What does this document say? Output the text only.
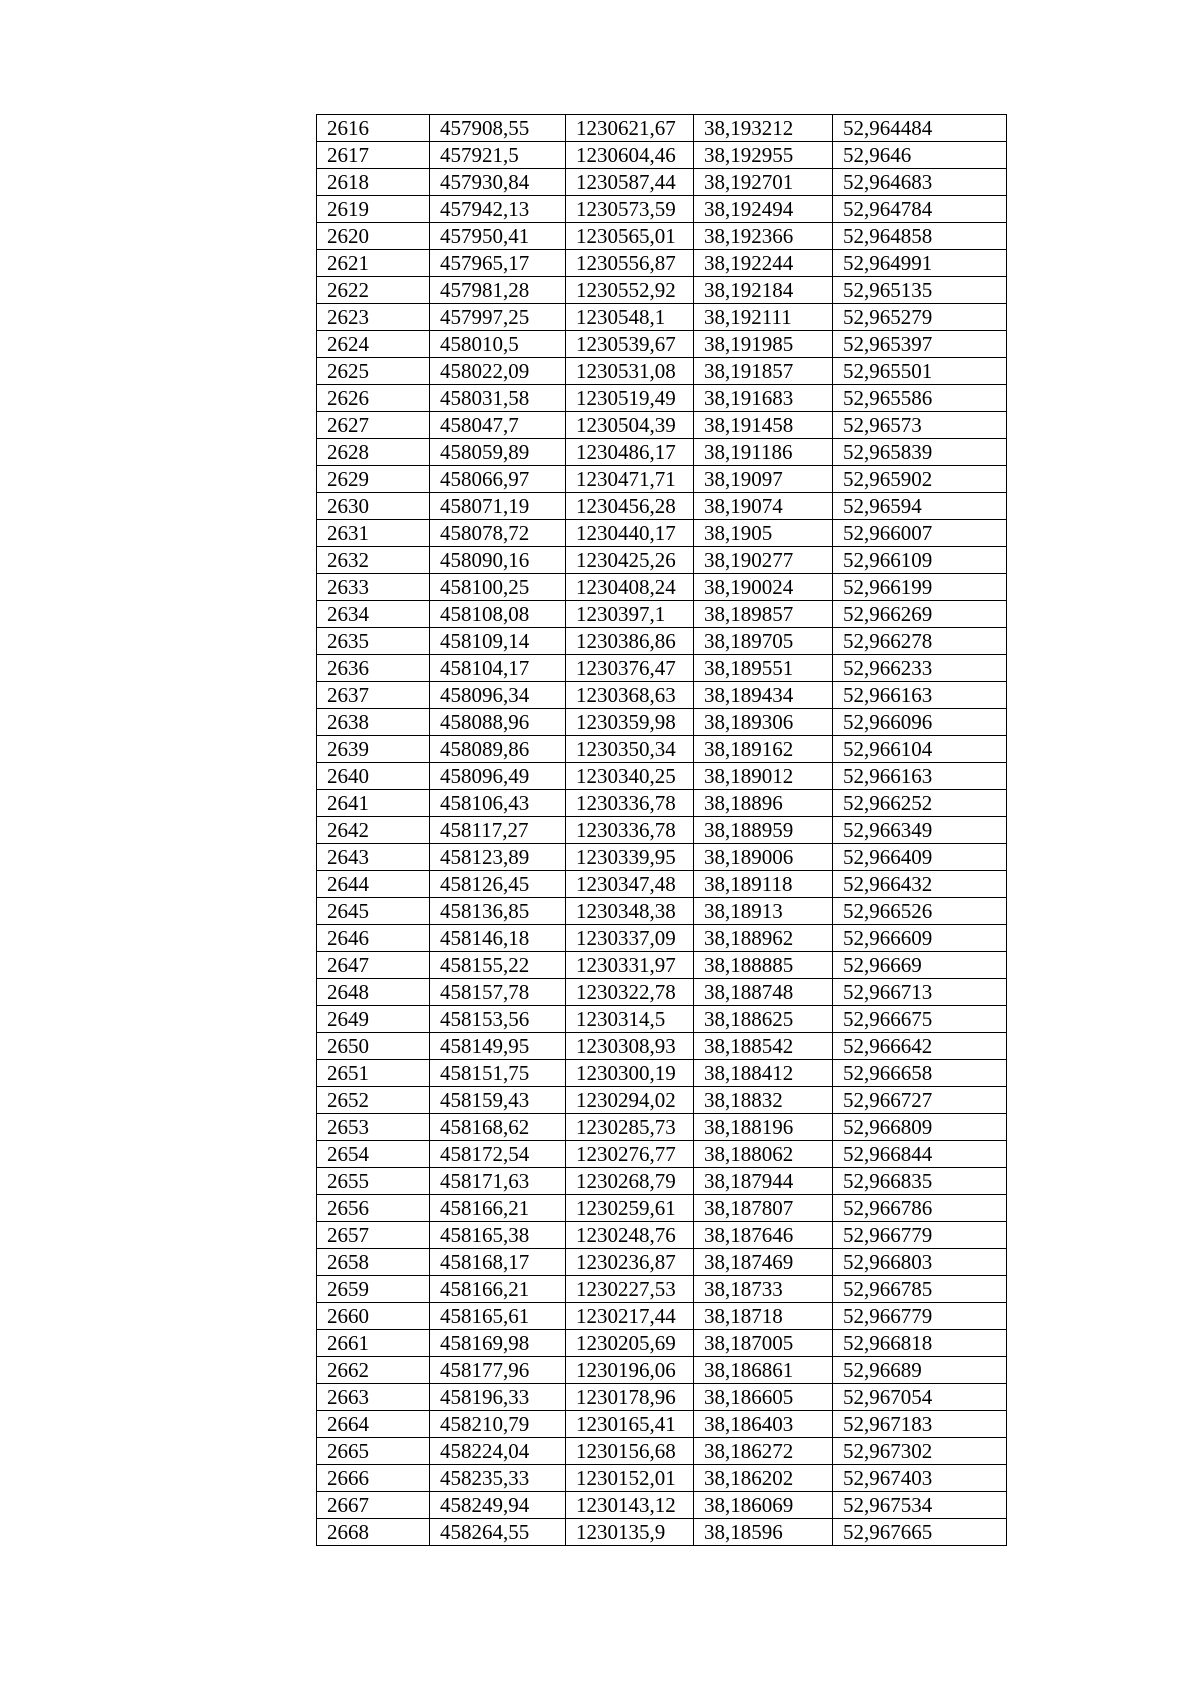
2616	457908,55	1230621,67	38,193212	52,964484
2617	457921,5	1230604,46	38,192955	52,9646
2618	457930,84	1230587,44	38,192701	52,964683
2619	457942,13	1230573,59	38,192494	52,964784
2620	457950,41	1230565,01	38,192366	52,964858
2621	457965,17	1230556,87	38,192244	52,964991
2622	457981,28	1230552,92	38,192184	52,965135
2623	457997,25	1230548,1	38,192111	52,965279
2624	458010,5	1230539,67	38,191985	52,965397
2625	458022,09	1230531,08	38,191857	52,965501
2626	458031,58	1230519,49	38,191683	52,965586
2627	458047,7	1230504,39	38,191458	52,96573
2628	458059,89	1230486,17	38,191186	52,965839
2629	458066,97	1230471,71	38,19097	52,965902
2630	458071,19	1230456,28	38,19074	52,96594
2631	458078,72	1230440,17	38,1905	52,966007
2632	458090,16	1230425,26	38,190277	52,966109
2633	458100,25	1230408,24	38,190024	52,966199
2634	458108,08	1230397,1	38,189857	52,966269
2635	458109,14	1230386,86	38,189705	52,966278
2636	458104,17	1230376,47	38,189551	52,966233
2637	458096,34	1230368,63	38,189434	52,966163
2638	458088,96	1230359,98	38,189306	52,966096
2639	458089,86	1230350,34	38,189162	52,966104
2640	458096,49	1230340,25	38,189012	52,966163
2641	458106,43	1230336,78	38,18896	52,966252
2642	458117,27	1230336,78	38,188959	52,966349
2643	458123,89	1230339,95	38,189006	52,966409
2644	458126,45	1230347,48	38,189118	52,966432
2645	458136,85	1230348,38	38,18913	52,966526
2646	458146,18	1230337,09	38,188962	52,966609
2647	458155,22	1230331,97	38,188885	52,96669
2648	458157,78	1230322,78	38,188748	52,966713
2649	458153,56	1230314,5	38,188625	52,966675
2650	458149,95	1230308,93	38,188542	52,966642
2651	458151,75	1230300,19	38,188412	52,966658
2652	458159,43	1230294,02	38,18832	52,966727
2653	458168,62	1230285,73	38,188196	52,966809
2654	458172,54	1230276,77	38,188062	52,966844
2655	458171,63	1230268,79	38,187944	52,966835
2656	458166,21	1230259,61	38,187807	52,966786
2657	458165,38	1230248,76	38,187646	52,966779
2658	458168,17	1230236,87	38,187469	52,966803
2659	458166,21	1230227,53	38,18733	52,966785
2660	458165,61	1230217,44	38,18718	52,966779
2661	458169,98	1230205,69	38,187005	52,966818
2662	458177,96	1230196,06	38,186861	52,96689
2663	458196,33	1230178,96	38,186605	52,967054
2664	458210,79	1230165,41	38,186403	52,967183
2665	458224,04	1230156,68	38,186272	52,967302
2666	458235,33	1230152,01	38,186202	52,967403
2667	458249,94	1230143,12	38,186069	52,967534
2668	458264,55	1230135,9	38,18596	52,967665
